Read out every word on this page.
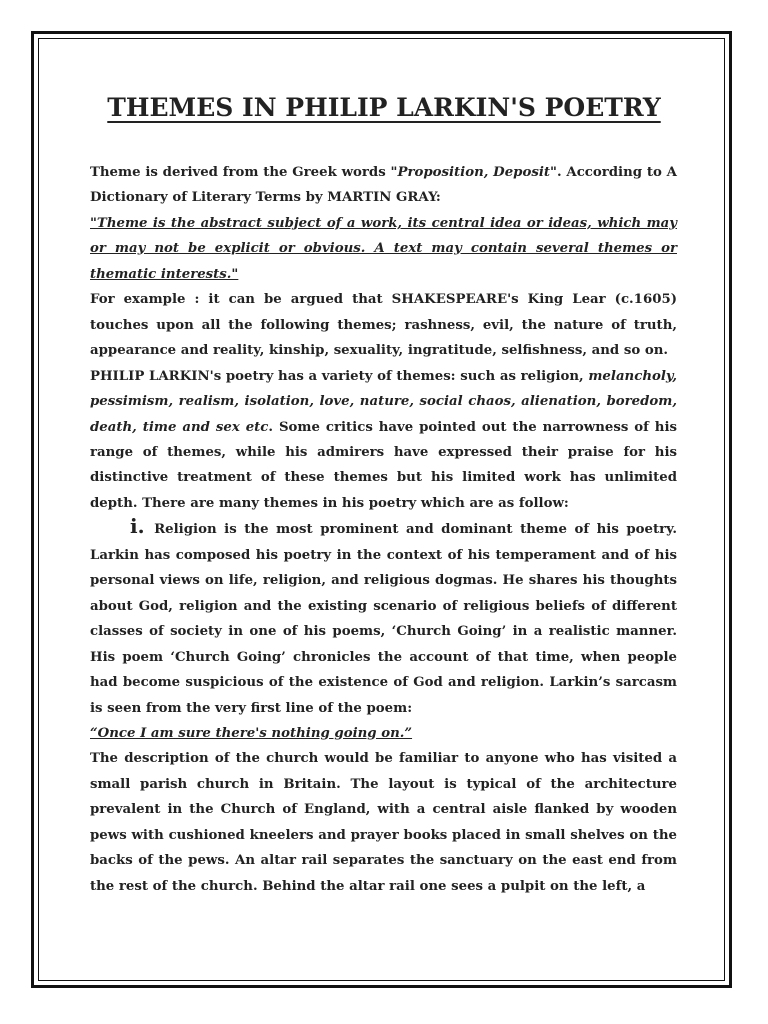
THEMES IN PHILIP LARKIN'S POETRY

Theme is derived from the Greek words "Proposition, Deposit". According to A Dictionary of Literary Terms by MARTIN GRAY:

"Theme is the abstract subject of a work, its central idea or ideas, which may or may not be explicit or obvious. A text may contain several themes or thematic interests."

For example : it can be argued that SHAKESPEARE's King Lear (c.1605) touches upon all the following themes; rashness, evil, the nature of truth, appearance and reality, kinship, sexuality, ingratitude, selfishness, and so on.

PHILIP LARKIN's poetry has a variety of themes: such as religion, melancholy, pessimism, realism, isolation, love, nature, social chaos, alienation, boredom, death, time and sex etc. Some critics have pointed out the narrowness of his range of themes, while his admirers have expressed their praise for his distinctive treatment of these themes but his limited work has unlimited depth. There are many themes in his poetry which are as follow:

i. Religion is the most prominent and dominant theme of his poetry. Larkin has composed his poetry in the context of his temperament and of his personal views on life, religion, and religious dogmas. He shares his thoughts about God, religion and the existing scenario of religious beliefs of different classes of society in one of his poems, ‘Church Going’ in a realistic manner. His poem ‘Church Going’ chronicles the account of that time, when people had become suspicious of the existence of God and religion. Larkin’s sarcasm is seen from the very first line of the poem:

“Once I am sure there's nothing going on.”

The description of the church would be familiar to anyone who has visited a small parish church in Britain. The layout is typical of the architecture prevalent in the Church of England, with a central aisle flanked by wooden pews with cushioned kneelers and prayer books placed in small shelves on the backs of the pews. An altar rail separates the sanctuary on the east end from the rest of the church. Behind the altar rail one sees a pulpit on the left, a
